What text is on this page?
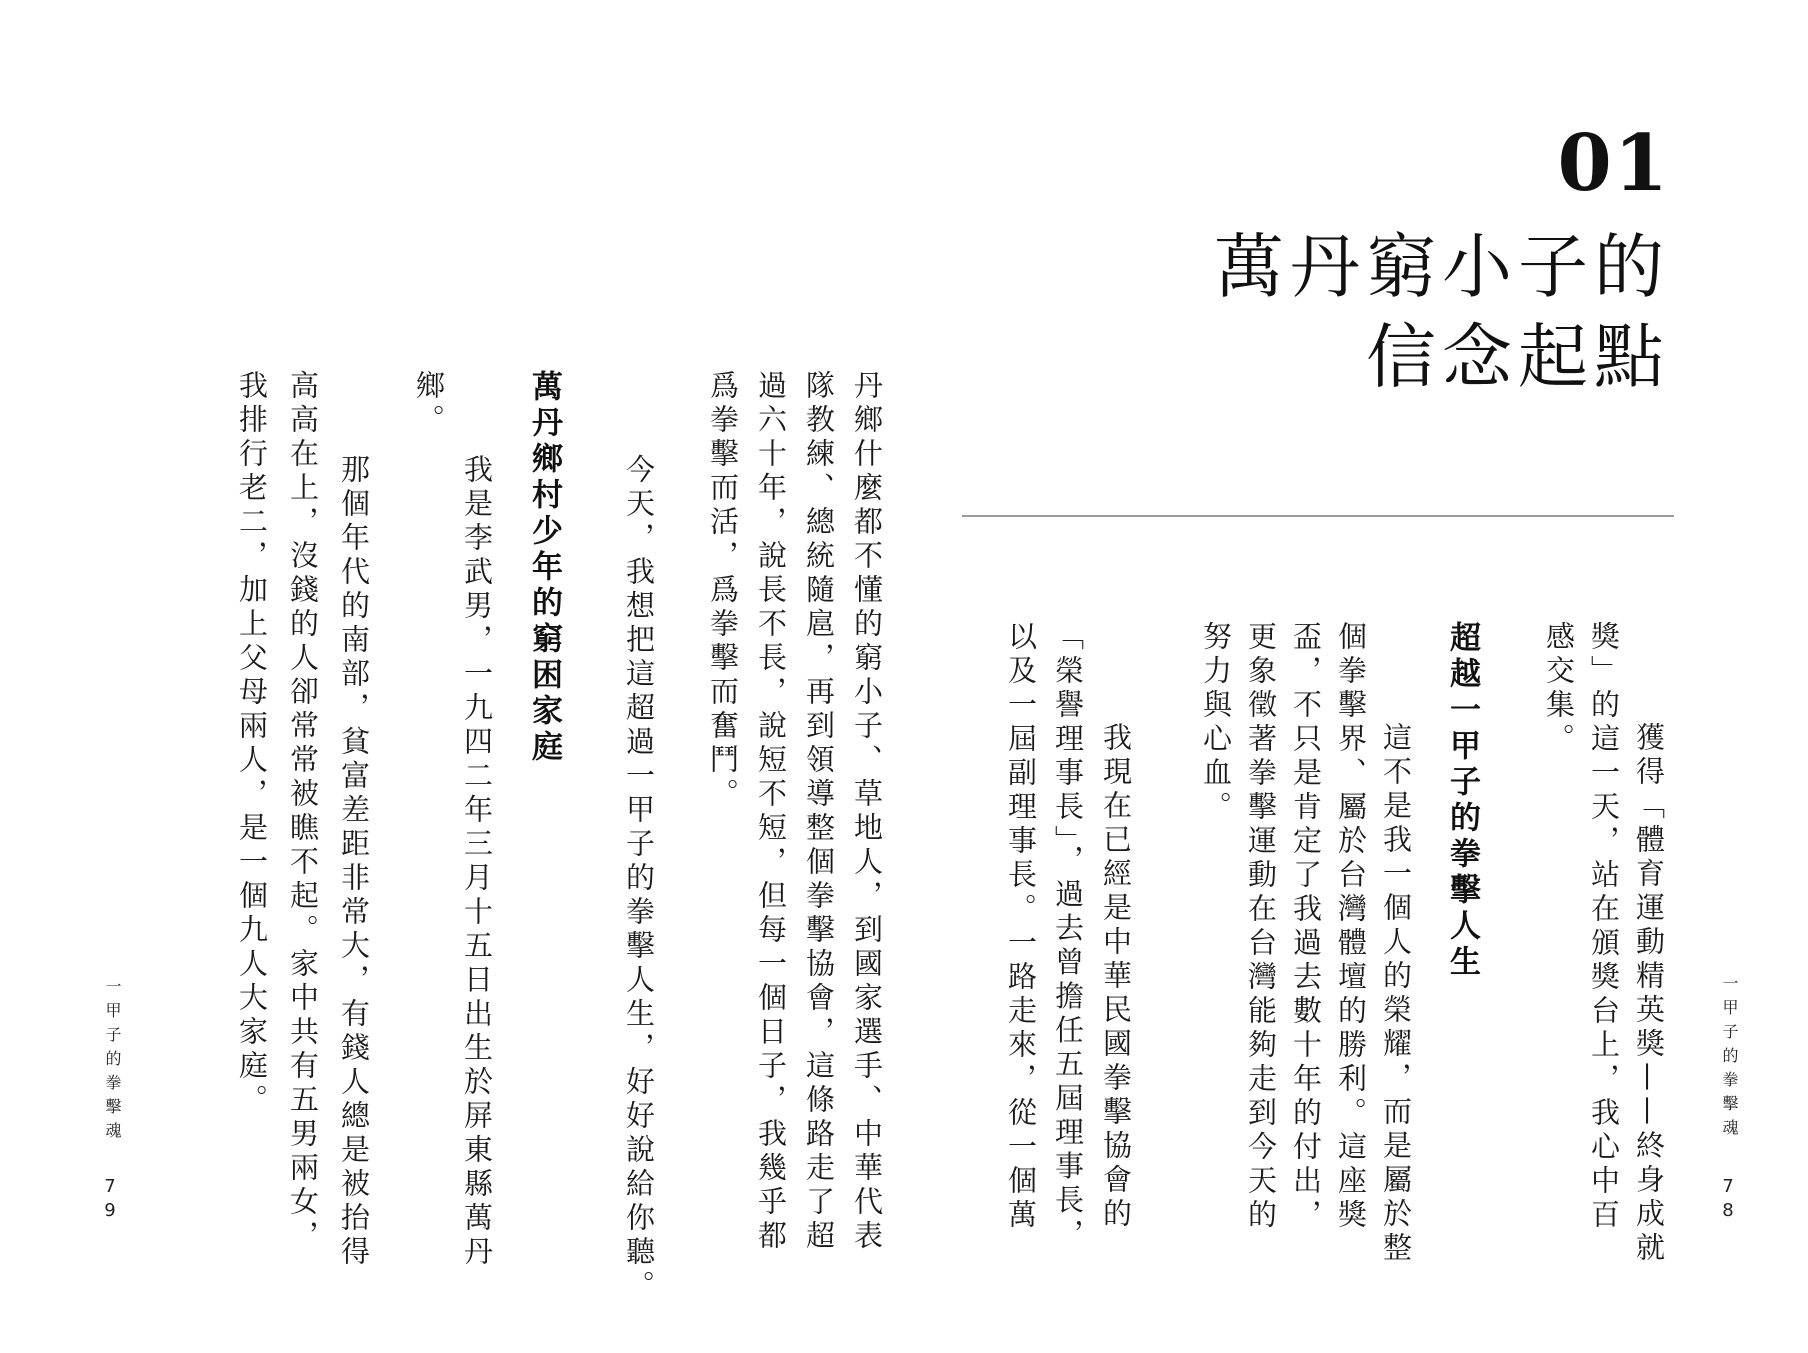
01
萬丹窮小子的
信念起點
一甲子的拳擊魂
7
8
　獲得「體育運動精英獎——終身成就
獎」的這一天，站在頒獎台上，我心中百
感交集。
超越一甲子的拳擊人生
　這不是我一個人的榮耀，而是屬於整
個拳擊界、屬於台灣體壇的勝利。這座獎
盃，不只是肯定了我過去數十年的付出，
更象徵著拳擊運動在台灣能夠走到今天的
努力與心血。
　我現在已經是中華民國拳擊協會的
「榮譽理事長」，過去曾擔任五屆理事長，
以及一屆副理事長。一路走來，從一個萬
丹鄉什麼都不懂的窮小子、草地人，到國家選手、中華代表
隊教練、總統隨扈，再到領導整個拳擊協會，這條路走了超
過六十年，說長不長，說短不短，但每一個日子，我幾乎都
爲拳擊而活，爲拳擊而奮鬥。
　今天，我想把這超過一甲子的拳擊人生，好好說給你聽。
萬丹鄉村少年的窮困家庭
　我是李武男，一九四二年三月十五日出生於屏東縣萬丹
鄉。
　那個年代的南部，貧富差距非常大，有錢人總是被抬得
高高在上，沒錢的人卻常常被瞧不起。家中共有五男兩女，
我排行老二，加上父母兩人，是一個九人大家庭。
一甲子的拳擊魂
7
9
